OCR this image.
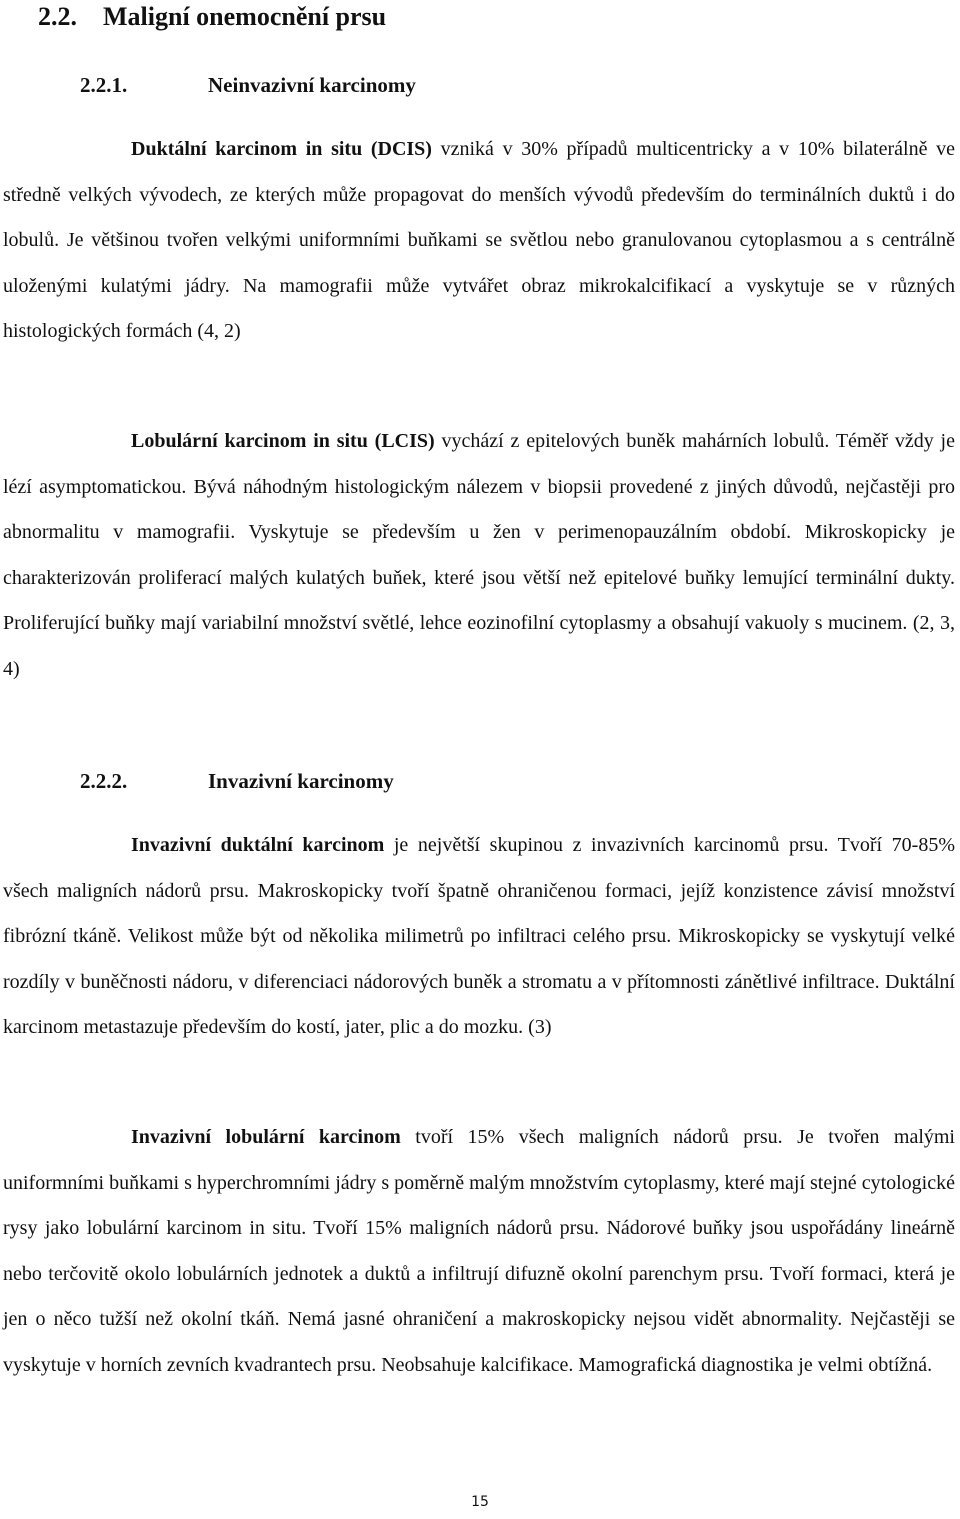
2.2. Maligní onemocnění prsu
2.2.1.	Neinvazivní karcinomy

Duktální karcinom in situ (DCIS) vzniká v 30% případů multicentricky a v 10% bilaterálně ve středně velkých vývodech, ze kterých může propagovat do menších vývodů především do terminálních duktů i do lobulů. Je většinou tvořen velkými uniformními buňkami se světlou nebo granulovanou cytoplasmou a s centrálně uloženými kulatými jádry. Na mamografii může vytvářet obraz mikrokalcifikací a vyskytuje se v různých histologických formách (4, 2)

Lobulární karcinom in situ (LCIS) vychází z epitelových buněk mahárních lobulů. Téměř vždy je lézí asymptomatickou. Bývá náhodným histologickým nálezem v biopsii provedené z jiných důvodů, nejčastěji pro abnormalitu v mamografii. Vyskytuje se především u žen v perimenopauzálním období. Mikroskopicky je charakterizován proliferací malých kulatých buňek, které jsou větší než epitelové buňky lemující terminální dukty. Proliferující buňky mají variabilní množství světlé, lehce eozinofilní cytoplasmy a obsahují vakuoly s mucinem. (2, 3, 4)

2.2.2.	Invazivní karcinomy

Invazivní duktální karcinom je největší skupinou z invazivních karcinomů prsu. Tvoří 70-85% všech maligních nádorů prsu. Makroskopicky tvoří špatně ohraničenou formaci, jejíž konzistence závisí množství fibrózní tkáně. Velikost může být od několika milimetrů po infiltraci celého prsu. Mikroskopicky se vyskytují velké rozdíly v buněčnosti nádoru, v diferenciaci nádorových buněk a stromatu a v přítomnosti zánětlivé infiltrace. Duktální karcinom metastazuje především do kostí, jater, plic a do mozku. (3)

Invazivní lobulární karcinom tvoří 15% všech maligních nádorů prsu. Je tvořen malými uniformními buňkami s hyperchromními jádry s poměrně malým množstvím cytoplasmy, které mají stejné cytologické rysy jako lobulární karcinom in situ. Tvoří 15% maligních nádorů prsu. Nádorové buňky jsou uspořádány lineárně nebo terčovitě okolo lobulárních jednotek a duktů a infiltrují difuzně okolní parenchym prsu. Tvoří formaci, která je jen o něco tužší než okolní tkáň. Nemá jasné ohraničení a makroskopicky nejsou vidět abnormality. Nejčastěji se vyskytuje v horních zevních kvadrantech prsu. Neobsahuje kalcifikace. Mamografická diagnostika je velmi obtížná.

15
